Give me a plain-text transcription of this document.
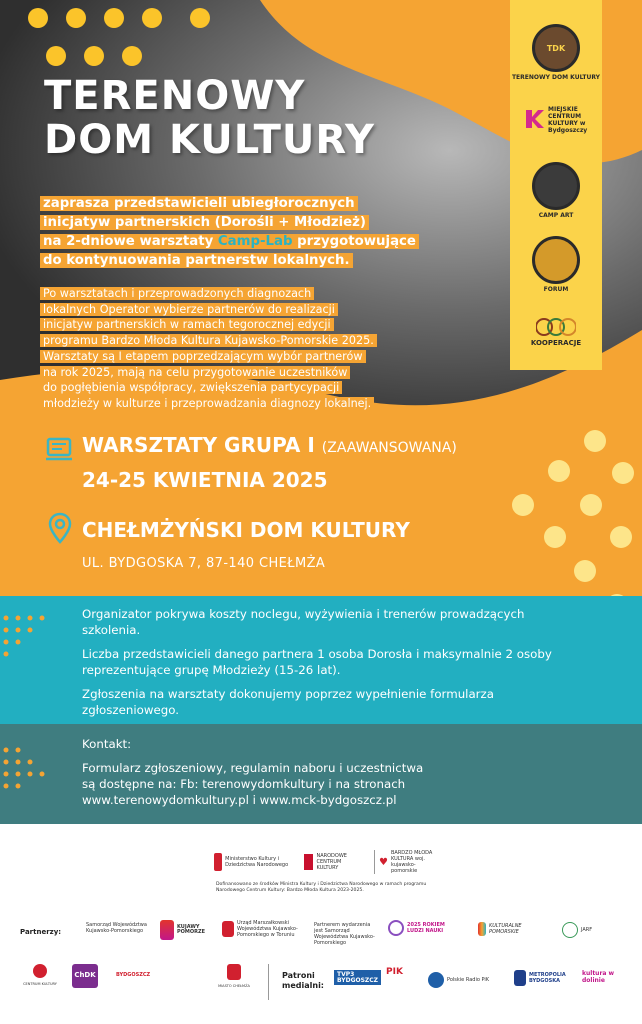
TERENOWY
DOM KULTURY
zaprasza przedstawicieli ubiegłorocznych
inicjatyw partnerskich (Dorośli + Młodzież)
na 2-dniowe warsztaty Camp-Lab przygotowujące
do kontynuowania partnerstw lokalnych.
Po warsztatach i przeprowadzonych diagnozach
lokalnych Operator wybierze partnerów do realizacji
inicjatyw partnerskich w ramach tegorocznej edycji
programu Bardzo Młoda Kultura Kujawsko-Pomorskie 2025.
Warsztaty są I etapem poprzedzającym wybór partnerów
na rok 2025, mają na celu przygotowanie uczestników
do pogłębienia współpracy, zwiększenia partycypacji
młodzieży w kulturze i przeprowadzania diagnozy lokalnej.
TDK
TERENOWY DOM KULTURY
MIEJSKIE CENTRUM KULTURY w Bydgoszczy
CAMP ART
FORUM
KOOPERACJE
WARSZTATY GRUPA I (ZAAWANSOWANA)
24-25 KWIETNIA 2025
CHEŁMŻYŃSKI DOM KULTURY
UL. BYDGOSKA 7, 87-140 CHEŁMŻA

Organizator pokrywa koszty noclegu, wyżywienia i trenerów prowadzących szkolenia.

Liczba przedstawicieli danego partnera 1 osoba Dorosła i maksymalnie 2 osoby reprezentujące grupę Młodzieży (15-26 lat).

Zgłoszenia na warsztaty dokonujemy poprzez wypełnienie formularza zgłoszeniowego.

Kontakt:
Formularz zgłoszeniowy, regulamin naboru i uczestnictwa
są dostępne na: Fb: terenowydomkultury i na stronach
www.terenowydomkultury.pl i www.mck-bydgoszcz.pl
Ministerstwo Kultury i Dziedzictwa Narodowego
NARODOWE CENTRUM KULTURY
♥
BARDZO MŁODA KULTURA woj. kujawsko-pomorskie
Dofinansowano ze środków Ministra Kultury i Dziedzictwa Narodowego w ramach programu Narodowego Centrum Kultury: Bardzo Młoda Kultura 2023-2025.
Partnerzy:
Samorząd Województwa Kujawsko-Pomorskiego
KUJAWY POMORZE
Urząd Marszałkowski Województwa Kujawsko-Pomorskiego w Toruniu
Partnerem wydarzenia jest Samorząd Województwa Kujawsko-Pomorskiego
2025 ROKIEM LUDZI NAUKI
KULTURALNE POMORSKIE	JARF
CENTRUM KULTURY
ChDK	BYDGOSZCZ
MIASTO CHEŁMŻA
Patroni medialni:
TVP3 BYDGOSZCZ
PIK
Polskie Radio PiK
METROPOLIA BYDGOSKA
kultura w dolinie
